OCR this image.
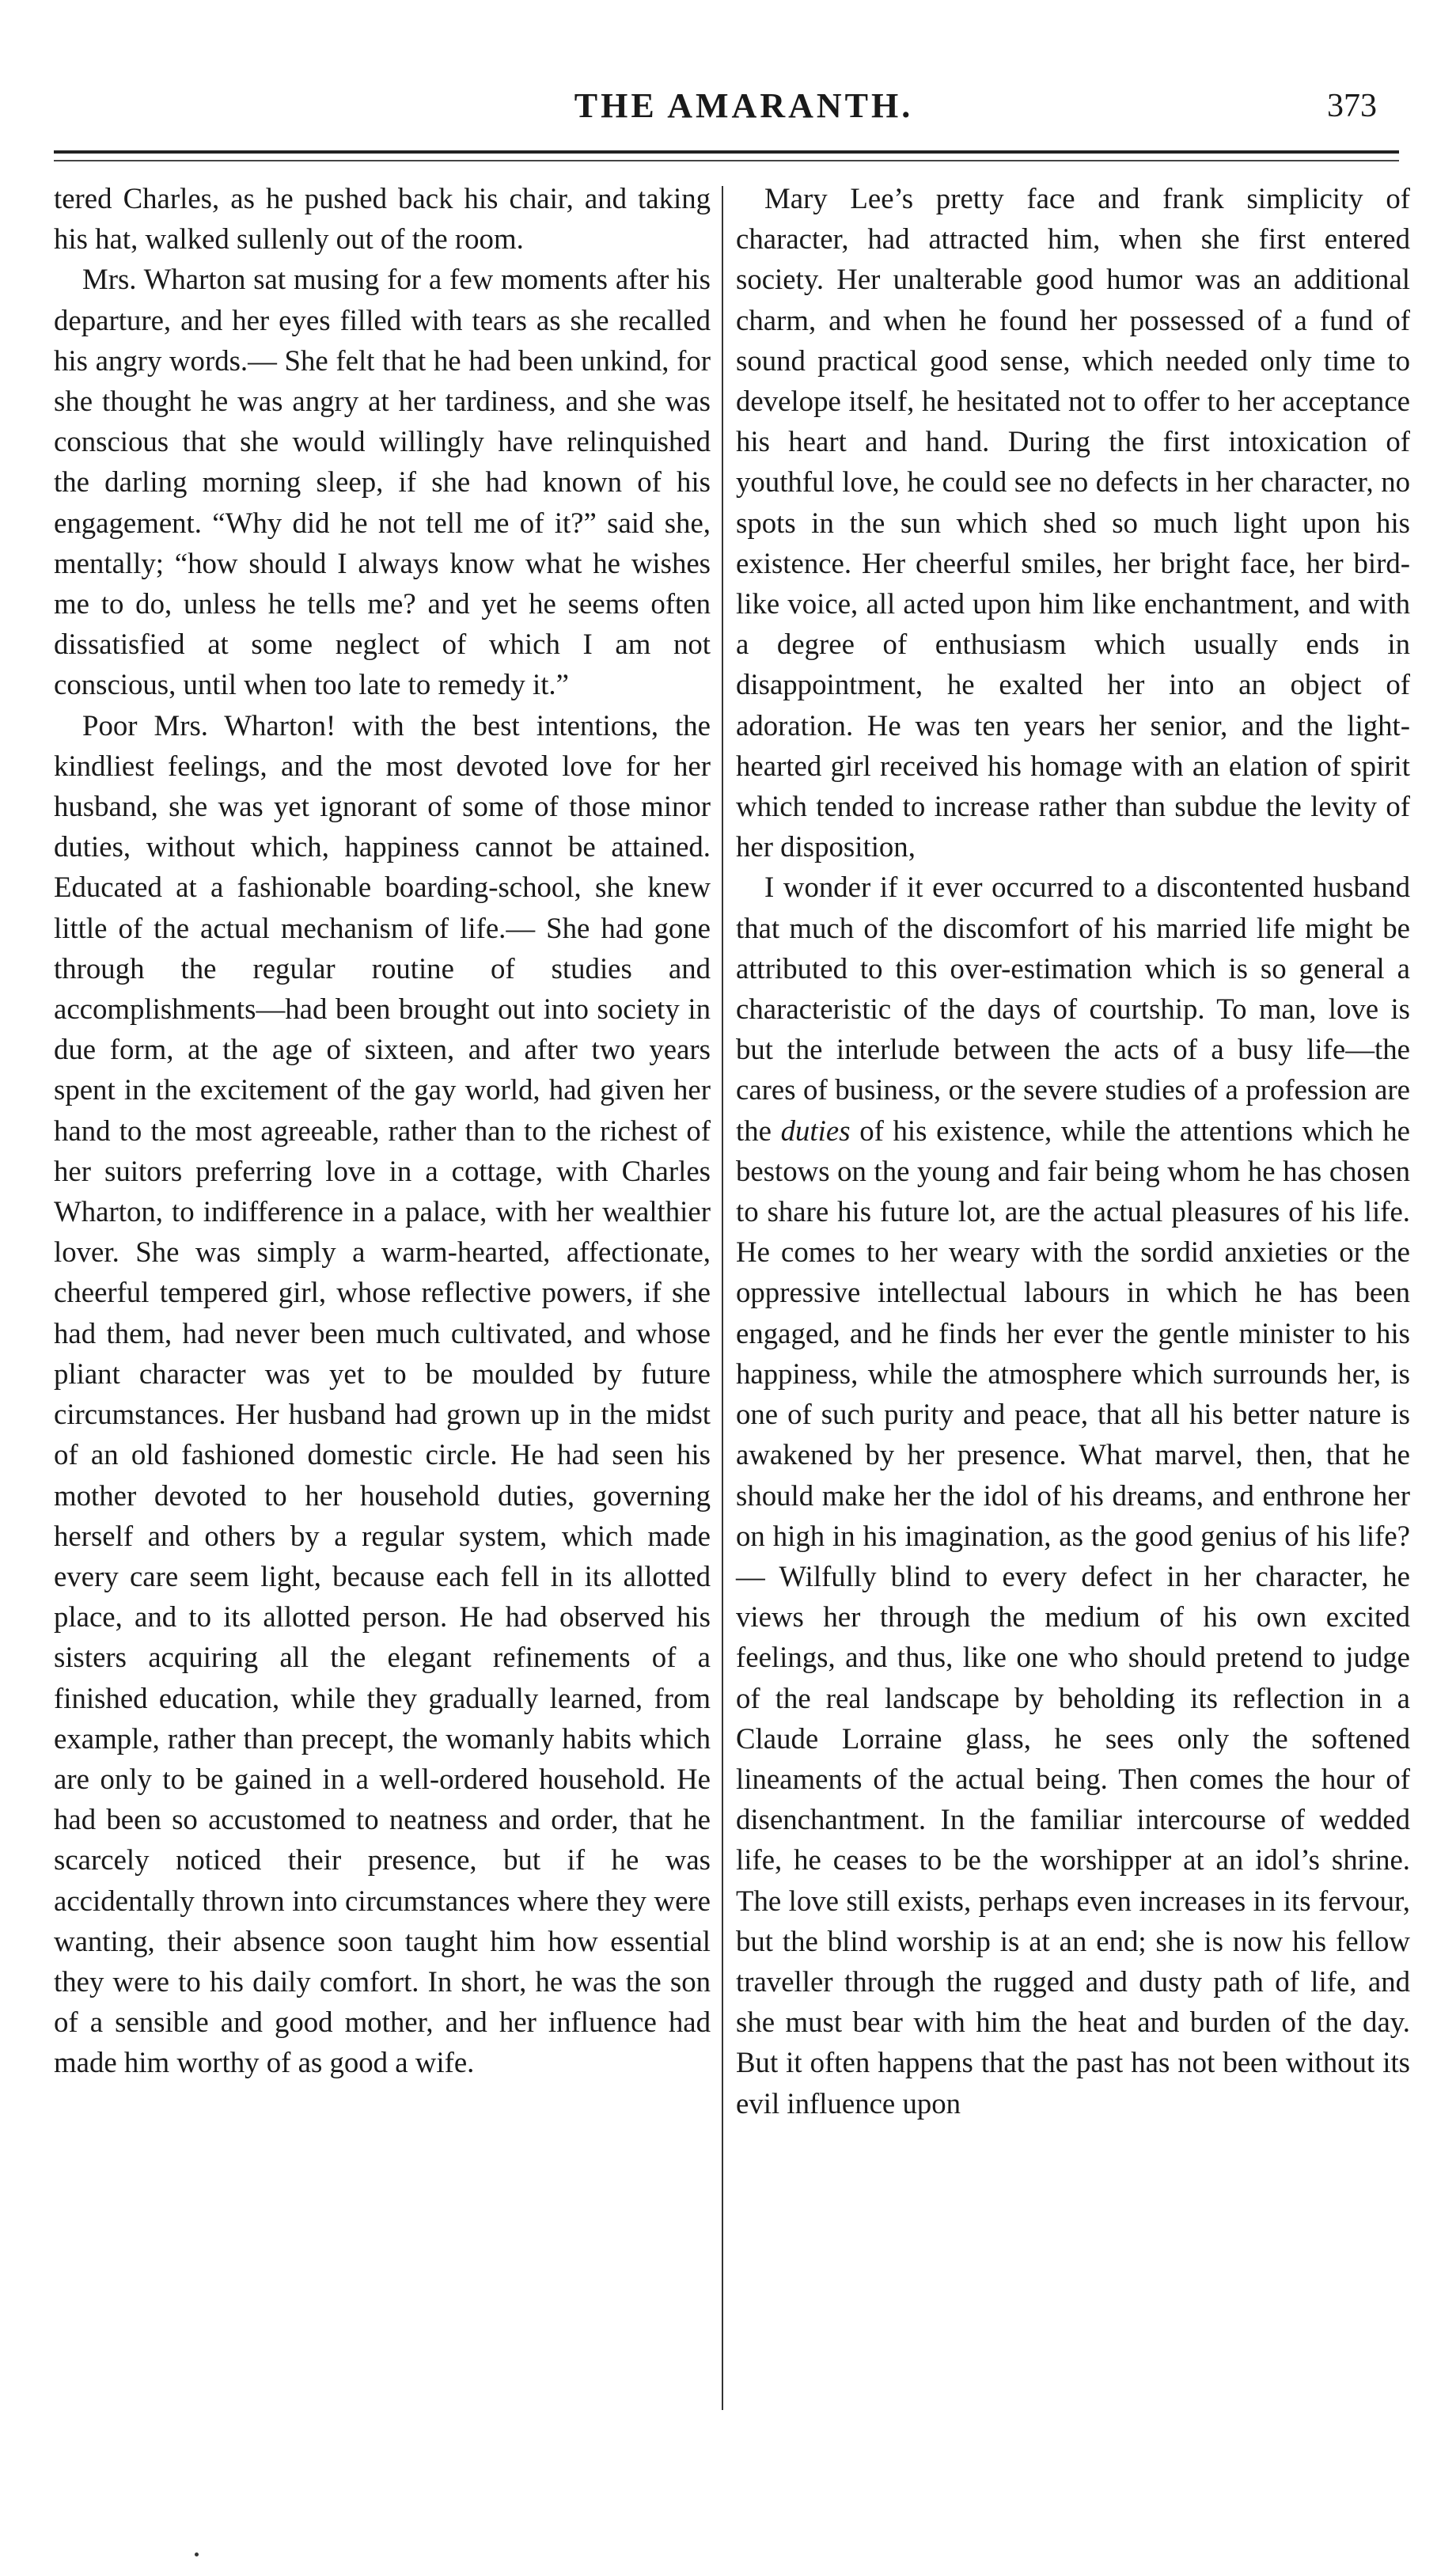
THE AMARANTH.	373

tered Charles, as he pushed back his chair, and taking his hat, walked sullenly out of the room.

Mrs. Wharton sat musing for a few moments after his departure, and her eyes filled with tears as she recalled his angry words.— She felt that he had been unkind, for she thought he was angry at her tardiness, and she was conscious that she would willingly have relinquished the darling morning sleep, if she had known of his engagement. “Why did he not tell me of it?” said she, mentally; “how should I always know what he wishes me to do, unless he tells me? and yet he seems often dissatisfied at some neglect of which I am not conscious, until when too late to remedy it.”

Poor Mrs. Wharton! with the best intentions, the kindliest feelings, and the most devoted love for her husband, she was yet ignorant of some of those minor duties, without which, happiness cannot be attained. Educated at a fashionable boarding-school, she knew little of the actual mechanism of life.— She had gone through the regular routine of studies and accomplishments—had been brought out into society in due form, at the age of sixteen, and after two years spent in the excitement of the gay world, had given her hand to the most agreeable, rather than to the richest of her suitors preferring love in a cottage, with Charles Wharton, to indifference in a palace, with her wealthier lover. She was simply a warm-hearted, affectionate, cheerful tempered girl, whose reflective powers, if she had them, had never been much cultivated, and whose pliant character was yet to be moulded by future circumstances. Her husband had grown up in the midst of an old fashioned domestic circle. He had seen his mother devoted to her household duties, governing herself and others by a regular system, which made every care seem light, because each fell in its allotted place, and to its allotted person. He had observed his sisters acquiring all the elegant refinements of a finished education, while they gradually learned, from example, rather than precept, the womanly habits which are only to be gained in a well-ordered household. He had been so accustomed to neatness and order, that he scarcely noticed their presence, but if he was accidentally thrown into circumstances where they were wanting, their absence soon taught him how essential they were to his daily comfort. In short, he was the son of a sensible and good mother, and her influence had made him worthy of as good a wife.

Mary Lee’s pretty face and frank simplicity of character, had attracted him, when she first entered society. Her unalterable good humor was an additional charm, and when he found her possessed of a fund of sound practical good sense, which needed only time to develope itself, he hesitated not to offer to her acceptance his heart and hand. During the first intoxication of youthful love, he could see no defects in her character, no spots in the sun which shed so much light upon his existence. Her cheerful smiles, her bright face, her bird-like voice, all acted upon him like enchantment, and with a degree of enthusiasm which usually ends in disappointment, he exalted her into an object of adoration. He was ten years her senior, and the light-hearted girl received his homage with an elation of spirit which tended to increase rather than subdue the levity of her disposition,

I wonder if it ever occurred to a discontented husband that much of the discomfort of his married life might be attributed to this over-estimation which is so general a characteristic of the days of courtship. To man, love is but the interlude between the acts of a busy life—the cares of business, or the severe studies of a profession are the duties of his existence, while the attentions which he bestows on the young and fair being whom he has chosen to share his future lot, are the actual pleasures of his life. He comes to her weary with the sordid anxieties or the oppressive intellectual labours in which he has been engaged, and he finds her ever the gentle minister to his happiness, while the atmosphere which surrounds her, is one of such purity and peace, that all his better nature is awakened by her presence. What marvel, then, that he should make her the idol of his dreams, and enthrone her on high in his imagination, as the good genius of his life?— Wilfully blind to every defect in her character, he views her through the medium of his own excited feelings, and thus, like one who should pretend to judge of the real landscape by beholding its reflection in a Claude Lorraine glass, he sees only the softened lineaments of the actual being. Then comes the hour of disenchantment. In the familiar intercourse of wedded life, he ceases to be the worshipper at an idol’s shrine. The love still exists, perhaps even increases in its fervour, but the blind worship is at an end; she is now his fellow traveller through the rugged and dusty path of life, and she must bear with him the heat and burden of the day. But it often happens that the past has not been without its evil influence upon
